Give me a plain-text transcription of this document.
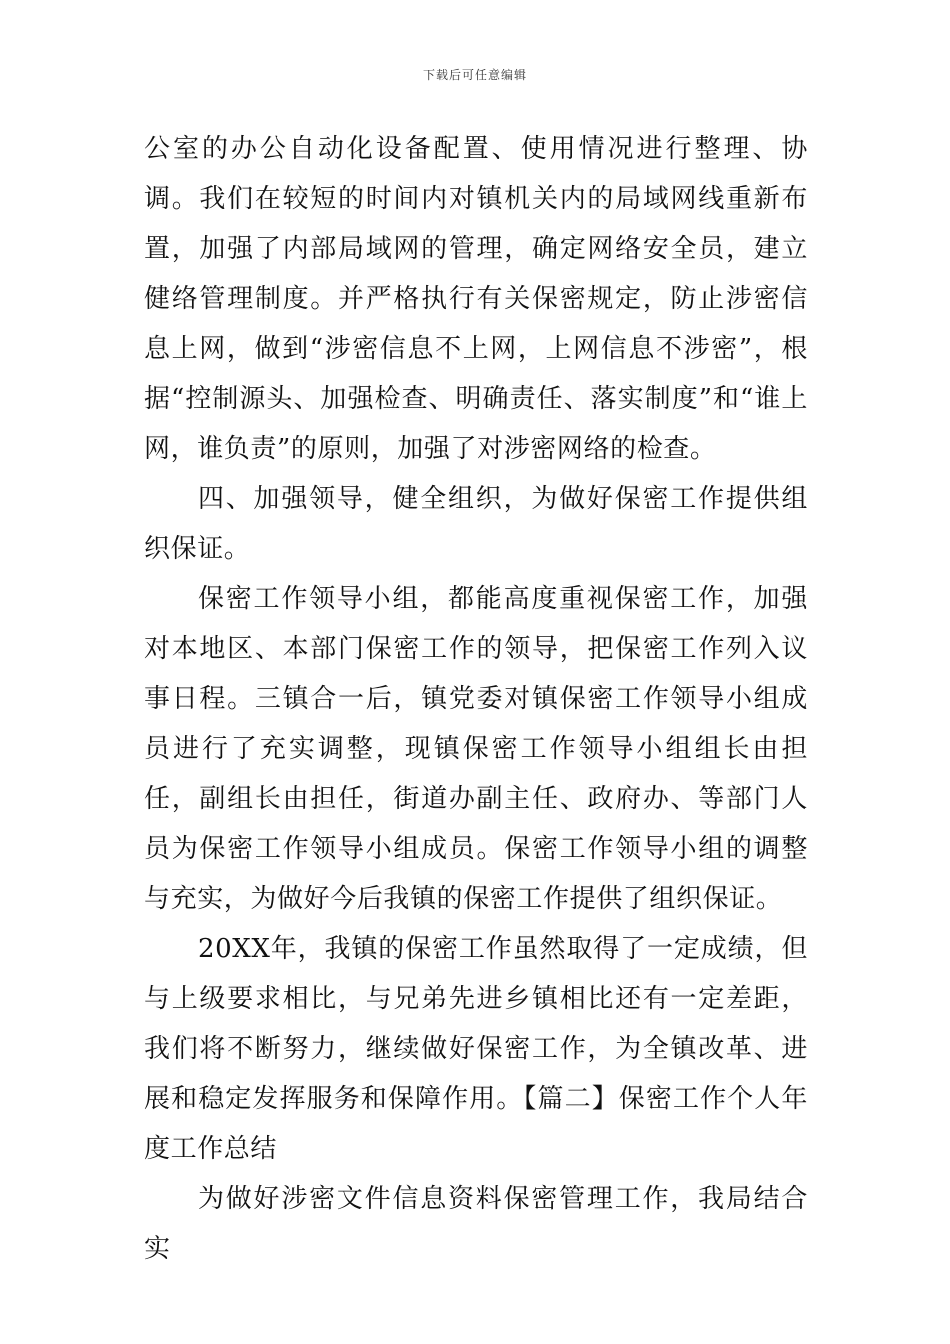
下载后可任意编辑

公室的办公自动化设备配置、使用情况进行整理、协调。我们在较短的时间内对镇机关内的局域网线重新布置，加强了内部局域网的管理，确定网络安全员，建立健络管理制度。并严格执行有关保密规定，防止涉密信息上网，做到“涉密信息不上网，上网信息不涉密”，根据“控制源头、加强检查、明确责任、落实制度”和“谁上网，谁负责”的原则，加强了对涉密网络的检查。

四、加强领导，健全组织，为做好保密工作提供组织保证。

保密工作领导小组，都能高度重视保密工作，加强对本地区、本部门保密工作的领导，把保密工作列入议事日程。三镇合一后，镇党委对镇保密工作领导小组成员进行了充实调整，现镇保密工作领导小组组长由担任，副组长由担任，街道办副主任、政府办、等部门人员为保密工作领导小组成员。保密工作领导小组的调整与充实，为做好今后我镇的保密工作提供了组织保证。

20XX年，我镇的保密工作虽然取得了一定成绩，但与上级要求相比，与兄弟先进乡镇相比还有一定差距，我们将不断努力，继续做好保密工作，为全镇改革、进展和稳定发挥服务和保障作用。【篇二】保密工作个人年度工作总结

为做好涉密文件信息资料保密管理工作，我局结合实
